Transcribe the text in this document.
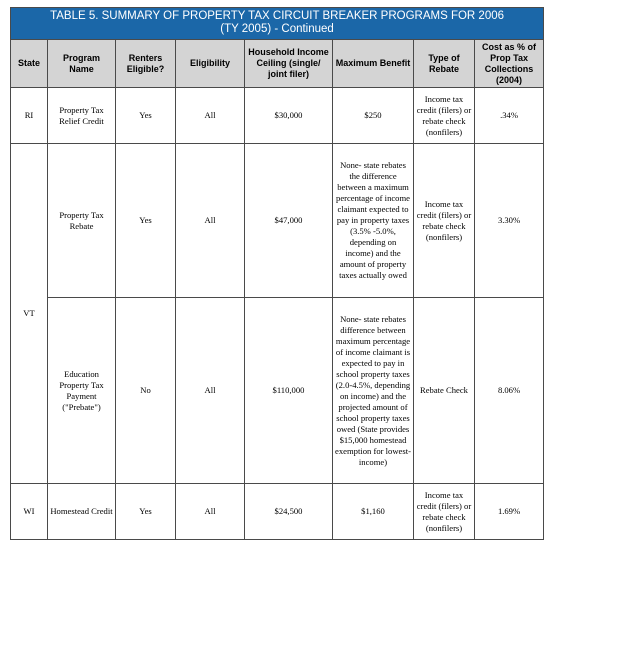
TABLE 5. SUMMARY OF PROPERTY TAX CIRCUIT BREAKER PROGRAMS FOR 2006
(TY 2005) - Continued							
State	Program Name	Renters Eligible?	Eligibility	Household Income Ceiling (single/ joint filer)	Maximum Benefit	Type of Rebate	Cost as % of Prop Tax Collections (2004)
RI	Property Tax Relief Credit	Yes	All	$30,000	$250	Income tax credit (filers) or rebate check (nonfilers)	.34%
VT	Property Tax Rebate	Yes	All	$47,000	None- state rebates the difference between a maximum percentage of income claimant expected to pay in property taxes (3.5% -5.0%, depending on income) and the amount of property taxes actually owed	Income tax credit (filers) or rebate check (nonfilers)	3.30%
	Education Property Tax Payment ("Prebate")	No	All	$110,000	None- state rebates difference between maximum percentage of income claimant is expected to pay in school property taxes (2.0-4.5%, depending on income) and the projected amount of school property taxes owed (State provides $15,000 homestead exemption for lowest-income)	Rebate Check	8.06%
WI	Homestead Credit	Yes	All	$24,500	$1,160	Income tax credit (filers) or rebate check (nonfilers)	1.69%
